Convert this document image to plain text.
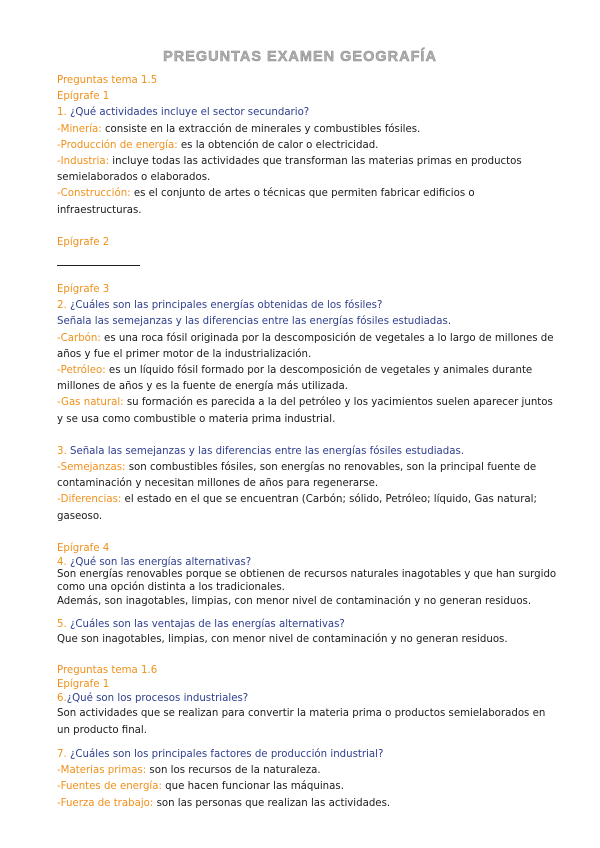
PREGUNTAS EXAMEN GEOGRAFÍA
Preguntas tema 1.5
Epígrafe 1

1. ¿Qué actividades incluye el sector secundario?

-Minería: consiste en la extracción de minerales y combustibles fósiles.

-Producción de energía: es la obtención de calor o electricidad.

-Industria: incluye todas las actividades que transforman las materias primas en productos semielaborados o elaborados.

-Construcción: es el conjunto de artes o técnicas que permiten fabricar edificios o infraestructuras.

Epígrafe 2
Epígrafe 3

2. ¿Cuáles son las principales energías obtenidas de los fósiles?

Señala las semejanzas y las diferencias entre las energías fósiles estudiadas.

-Carbón: es una roca fósil originada por la descomposición de vegetales a lo largo de millones de años y fue el primer motor de la industrialización.

-Petróleo: es un líquido fósil formado por la descomposición de vegetales y animales durante millones de años y es la fuente de energía más utilizada.

-Gas natural: su formación es parecida a la del petróleo y los yacimientos suelen aparecer juntos y se usa como combustible o materia prima industrial.

3. Señala las semejanzas y las diferencias entre las energías fósiles estudiadas.

-Semejanzas: son combustibles fósiles, son energías no renovables, son la principal fuente de contaminación y necesitan millones de años para regenerarse.

-Diferencias: el estado en el que se encuentran (Carbón; sólido, Petróleo; líquido, Gas natural; gaseoso.

Epígrafe 4

4. ¿Qué son las energías alternativas?

Son energías renovables porque se obtienen de recursos naturales inagotables y que han surgido como una opción distinta a los tradicionales.

Además, son inagotables, limpias, con menor nivel de contaminación y no generan residuos.

5. ¿Cuáles son las ventajas de las energías alternativas?

Que son inagotables, limpias, con menor nivel de contaminación y no generan residuos.

Preguntas tema 1.6
Epígrafe 1

6.¿Qué son los procesos industriales?

Son actividades que se realizan para convertir la materia prima o productos semielaborados en un producto final.

7. ¿Cuáles son los principales factores de producción industrial?

-Materias primas: son los recursos de la naturaleza.

-Fuentes de energía: que hacen funcionar las máquinas.

-Fuerza de trabajo: son las personas que realizan las actividades.
